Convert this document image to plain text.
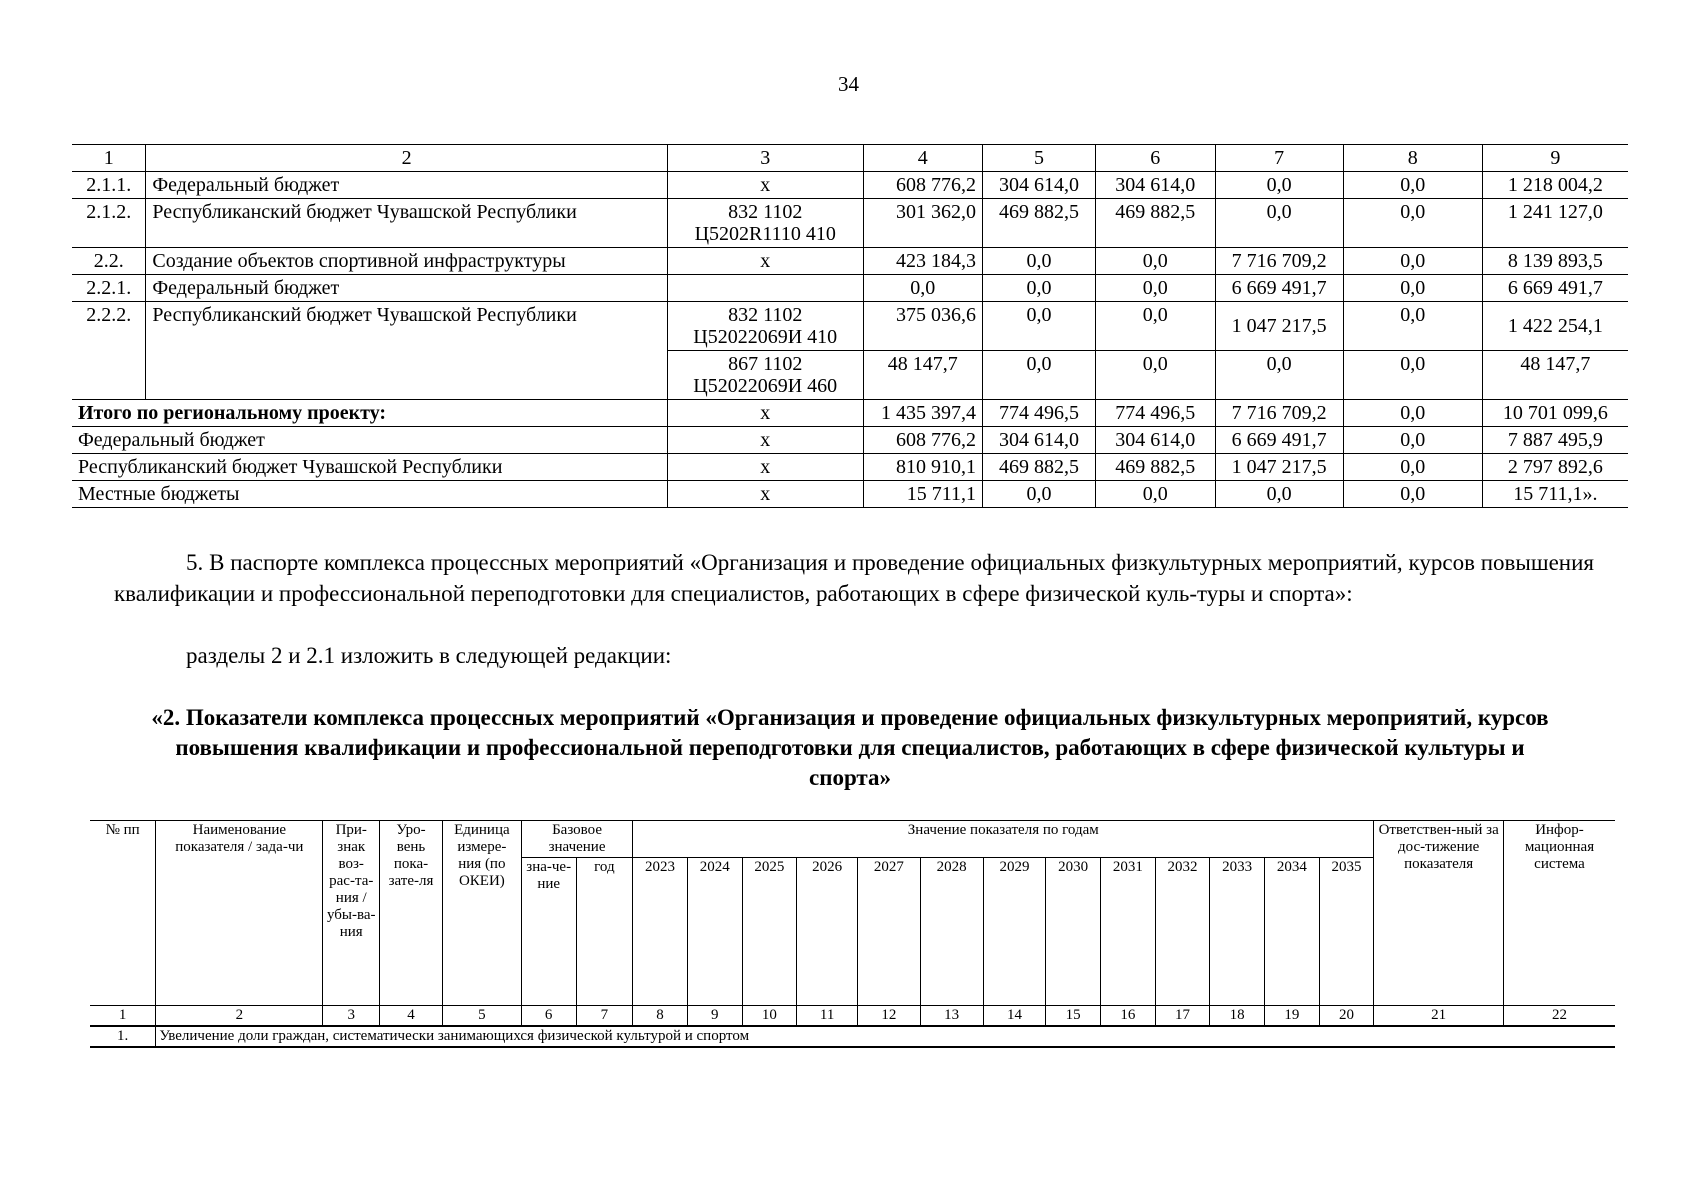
34
1	2	3	4	5	6	7	8	9
2.1.1.	Федеральный бюджет	х	608 776,2	304 614,0	304 614,0	0,0	0,0	1 218 004,2
2.1.2.	Республиканский бюджет Чувашской Республики	832 1102 Ц5202R1110 410	301 362,0	469 882,5	469 882,5	0,0	0,0	1 241 127,0
2.2.	Создание объектов спортивной инфраструктуры	х	423 184,3	0,0	0,0	7 716 709,2	0,0	8 139 893,5
2.2.1.	Федеральный бюджет		0,0	0,0	0,0	6 669 491,7	0,0	6 669 491,7
2.2.2.	Республиканский бюджет Чувашской Республики	832 1102 Ц52022069И 410	375 036,6	0,0	0,0	1 047 217,5	0,0	1 422 254,1
		867 1102 Ц52022069И 460	48 147,7	0,0	0,0	0,0	0,0	48 147,7
Итого по региональному проекту:		х	1 435 397,4	774 496,5	774 496,5	7 716 709,2	0,0	10 701 099,6
Федеральный бюджет		х	608 776,2	304 614,0	304 614,0	6 669 491,7	0,0	7 887 495,9
Республиканский бюджет Чувашской Республики		х	810 910,1	469 882,5	469 882,5	1 047 217,5	0,0	2 797 892,6
Местные бюджеты		х	15 711,1	0,0	0,0	0,0	0,0	15 711,1».
5. В паспорте комплекса процессных мероприятий «Организация и проведение официальных физкультурных мероприятий, курсов повышения квалификации и профессиональной переподготовки для специалистов, работающих в сфере физической куль-туры и спорта»:
разделы 2 и 2.1 изложить в следующей редакции:
«2. Показатели комплекса процессных мероприятий «Организация и проведение официальных физкультурных мероприятий, курсов повышения квалификации и профессиональной переподготовки для специалистов, работающих в сфере физической культуры и спорта»
№ пп	Наименование показателя / зада-чи	При-знак воз-рас-та-ния / убы-ва-ния	Уро-вень пока-зате-ля	Единица измере-ния (по ОКЕИ)	Базовое значение		Значение показателя по годам													Ответствен-ный за дос-тижение показателя	Инфор-мационная система
					зна-че-ние	год	2023	2024	2025	2026	2027	2028	2029	2030	2031	2032	2033	2034	2035		
1	2	3	4	5	6	7	8	9	10	11	12	13	14	15	16	17	18	19	20	21	22
1.	Увеличение доли граждан, систематически занимающихся физической культурой и спортом																				
